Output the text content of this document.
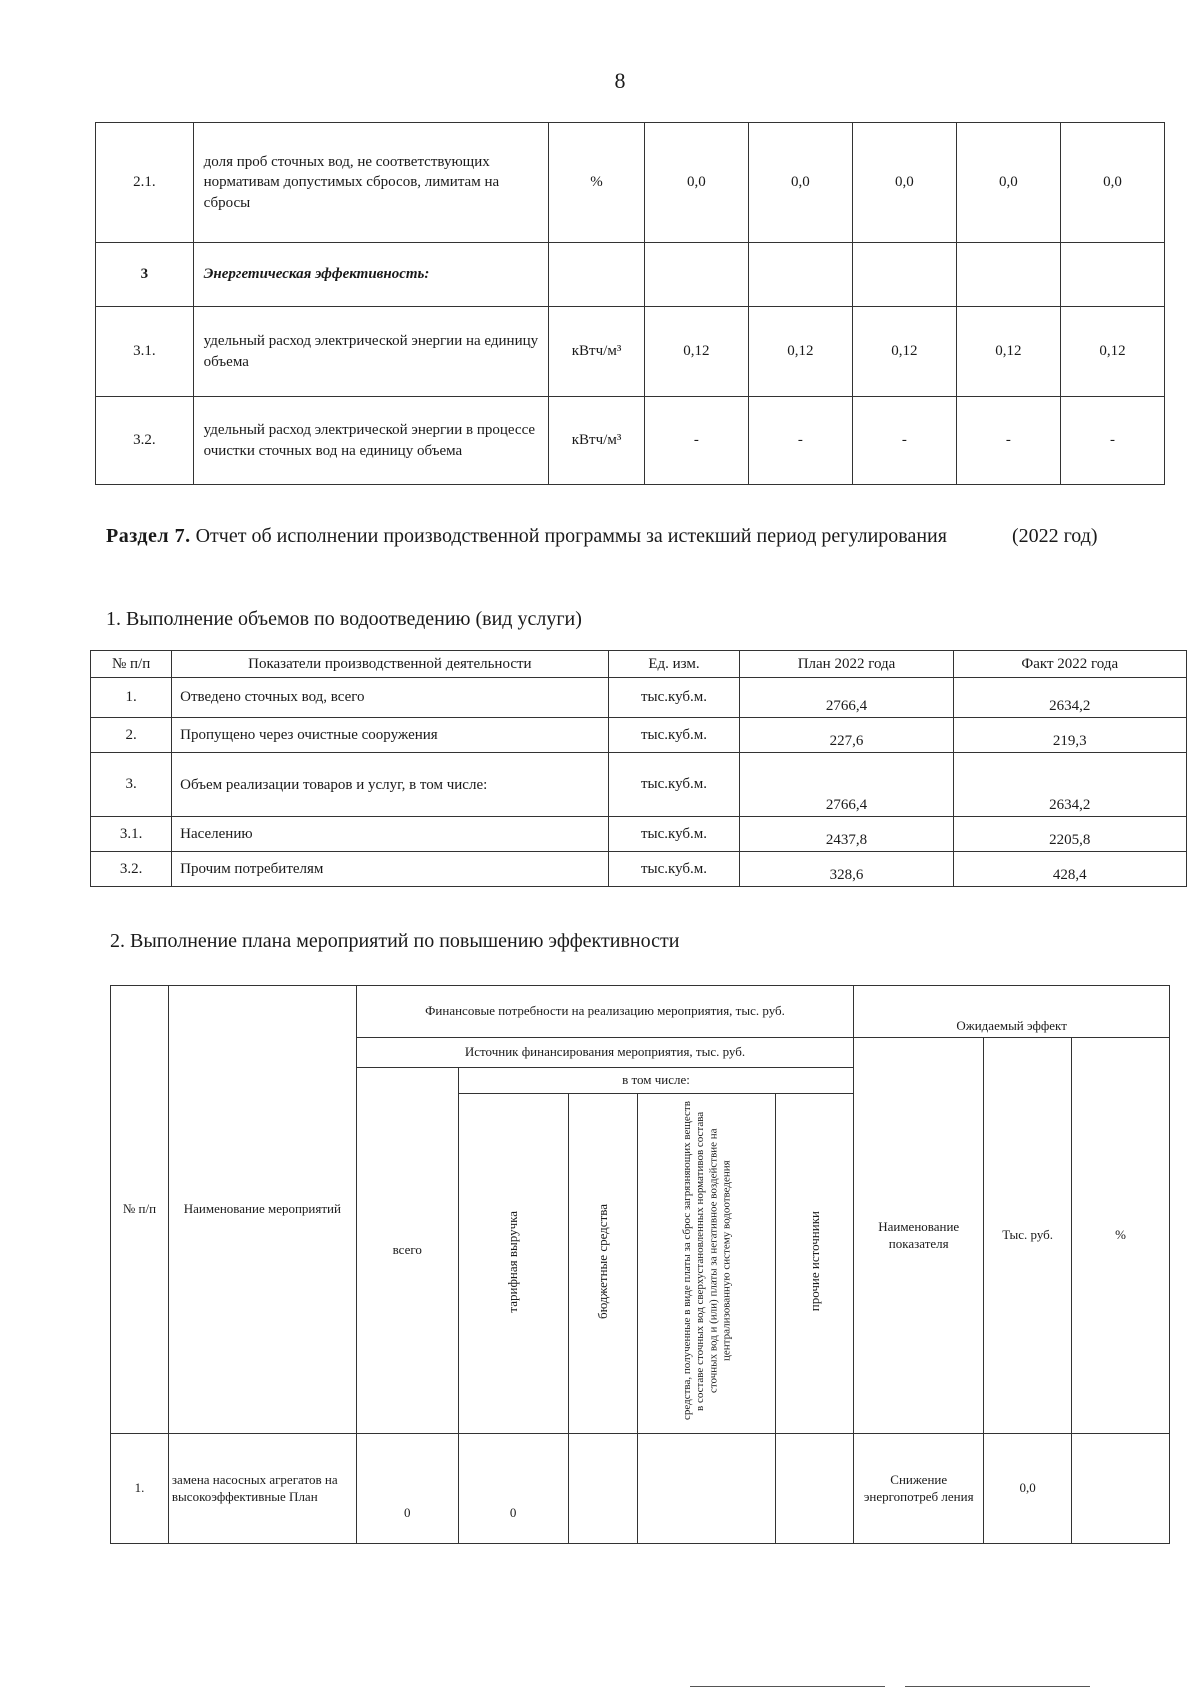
8
2.1.	доля проб сточных вод, не соответствующих нормативам допустимых сбросов, лимитам на сбросы	%	0,0	0,0	0,0	0,0	0,0
3	Энергетическая эффективность:						
3.1.	удельный расход электрической энергии на единицу объема	кВтч/м³	0,12	0,12	0,12	0,12	0,12
3.2.	удельный расход электрической энергии в процессе очистки сточных вод на единицу объема	кВтч/м³	-	-	-	-	-
Раздел 7. Отчет об исполнении производственной программы за истекший период регулирования	(2022 год)
1. Выполнение объемов по водоотведению (вид услуги)
№ п/п	Показатели производственной деятельности	Ед. изм.	План 2022 года	Факт 2022 года
1.	Отведено сточных вод, всего	тыс.куб.м.	2766,4	2634,2
2.	Пропущено через очистные сооружения	тыс.куб.м.	227,6	219,3
3.	Объем реализации товаров и услуг, в том числе:	тыс.куб.м.	2766,4	2634,2
3.1.	Населению	тыс.куб.м.	2437,8	2205,8
3.2.	Прочим потребителям	тыс.куб.м.	328,6	428,4
2. Выполнение плана мероприятий по повышению эффективности
№ п/п	Наименование мероприятий	Финансовые потребности на реализацию мероприятия, тыс. руб.					Ожидаемый эффект		
		Источник финансирования мероприятия, тыс. руб.					Наименование показателя	Тыс. руб.	%
		всего	в том числе:						
			тарифная выручка	бюджетные средства	средства, полученные в виде платы за сброс загрязняющих веществ в составе сточных вод сверхустановленных нормативов состава сточных вод и (или) платы за негативное воздействие на централизованную систему водоотведения	прочие источники			
1.	замена насосных агрегатов на высокоэффективные План	0	0				Снижение энергопотреб ления	0,0	
